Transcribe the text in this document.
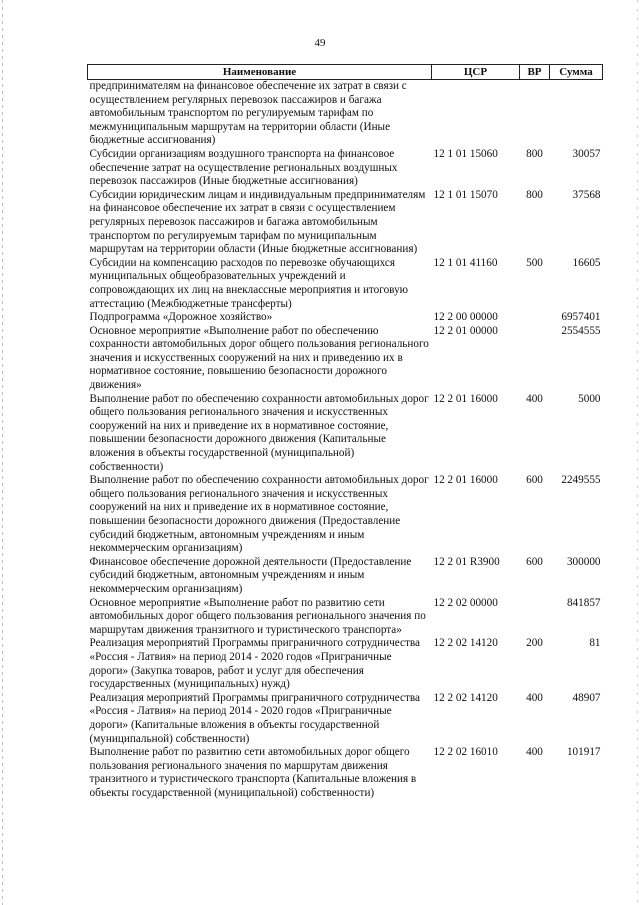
49
Наименование	ЦСР	ВР	Сумма
предпринимателям на финансовое обеспечение их затрат в связи с осуществлением регулярных перевозок пассажиров и багажа автомобильным транспортом по регулируемым тарифам по межмуниципальным маршрутам на территории области (Иные бюджетные ассигнования)			
Субсидии организациям воздушного транспорта на финансовое обеспечение затрат на осуществление региональных воздушных перевозок пассажиров (Иные бюджетные ассигнования)	12 1 01 15060	800	30057
Субсидии юридическим лицам и индивидуальным предпринимателям на финансовое обеспечение их затрат в связи с осуществлением регулярных перевозок пассажиров и багажа автомобильным транспортом по регулируемым тарифам по муниципальным маршрутам на территории области (Иные бюджетные ассигнования)	12 1 01 15070	800	37568
Субсидии на компенсацию расходов по перевозке обучающихся муниципальных общеобразовательных учреждений и сопровождающих их лиц на внеклассные мероприятия и итоговую аттестацию (Межбюджетные трансферты)	12 1 01 41160	500	16605
Подпрограмма «Дорожное хозяйство»	12 2 00 00000		6957401
Основное мероприятие «Выполнение работ по обеспечению сохранности автомобильных дорог общего пользования регионального значения и искусственных сооружений на них и приведению их в нормативное состояние, повышению безопасности дорожного движения»	12 2 01 00000		2554555
Выполнение работ по обеспечению сохранности автомобильных дорог общего пользования регионального значения и искусственных сооружений на них и приведение их в нормативное состояние, повышении безопасности дорожного движения (Капитальные вложения в объекты государственной (муниципальной) собственности)	12 2 01 16000	400	5000
Выполнение работ по обеспечению сохранности автомобильных дорог общего пользования регионального значения и искусственных сооружений на них и приведение их в нормативное состояние, повышении безопасности дорожного движения (Предоставление субсидий бюджетным, автономным учреждениям и иным некоммерческим организациям)	12 2 01 16000	600	2249555
Финансовое обеспечение дорожной деятельности (Предоставление субсидий бюджетным, автономным учреждениям и иным некоммерческим организациям)	12 2 01 R3900	600	300000
Основное мероприятие «Выполнение работ по развитию сети автомобильных дорог общего пользования регионального значения по маршрутам движения транзитного и туристического транспорта»	12 2 02 00000		841857
Реализация мероприятий Программы приграничного сотрудничества «Россия - Латвия» на период 2014 - 2020 годов «Приграничные дороги» (Закупка товаров, работ и услуг для обеспечения государственных (муниципальных) нужд)	12 2 02 14120	200	81
Реализация мероприятий Программы приграничного сотрудничества «Россия - Латвия» на период 2014 - 2020 годов «Приграничные дороги» (Капитальные вложения в объекты государственной (муниципальной) собственности)	12 2 02 14120	400	48907
Выполнение работ по развитию сети автомобильных дорог общего пользования регионального значения по маршрутам движения транзитного и туристического транспорта (Капитальные вложения в объекты государственной (муниципальной) собственности)	12 2 02 16010	400	101917
